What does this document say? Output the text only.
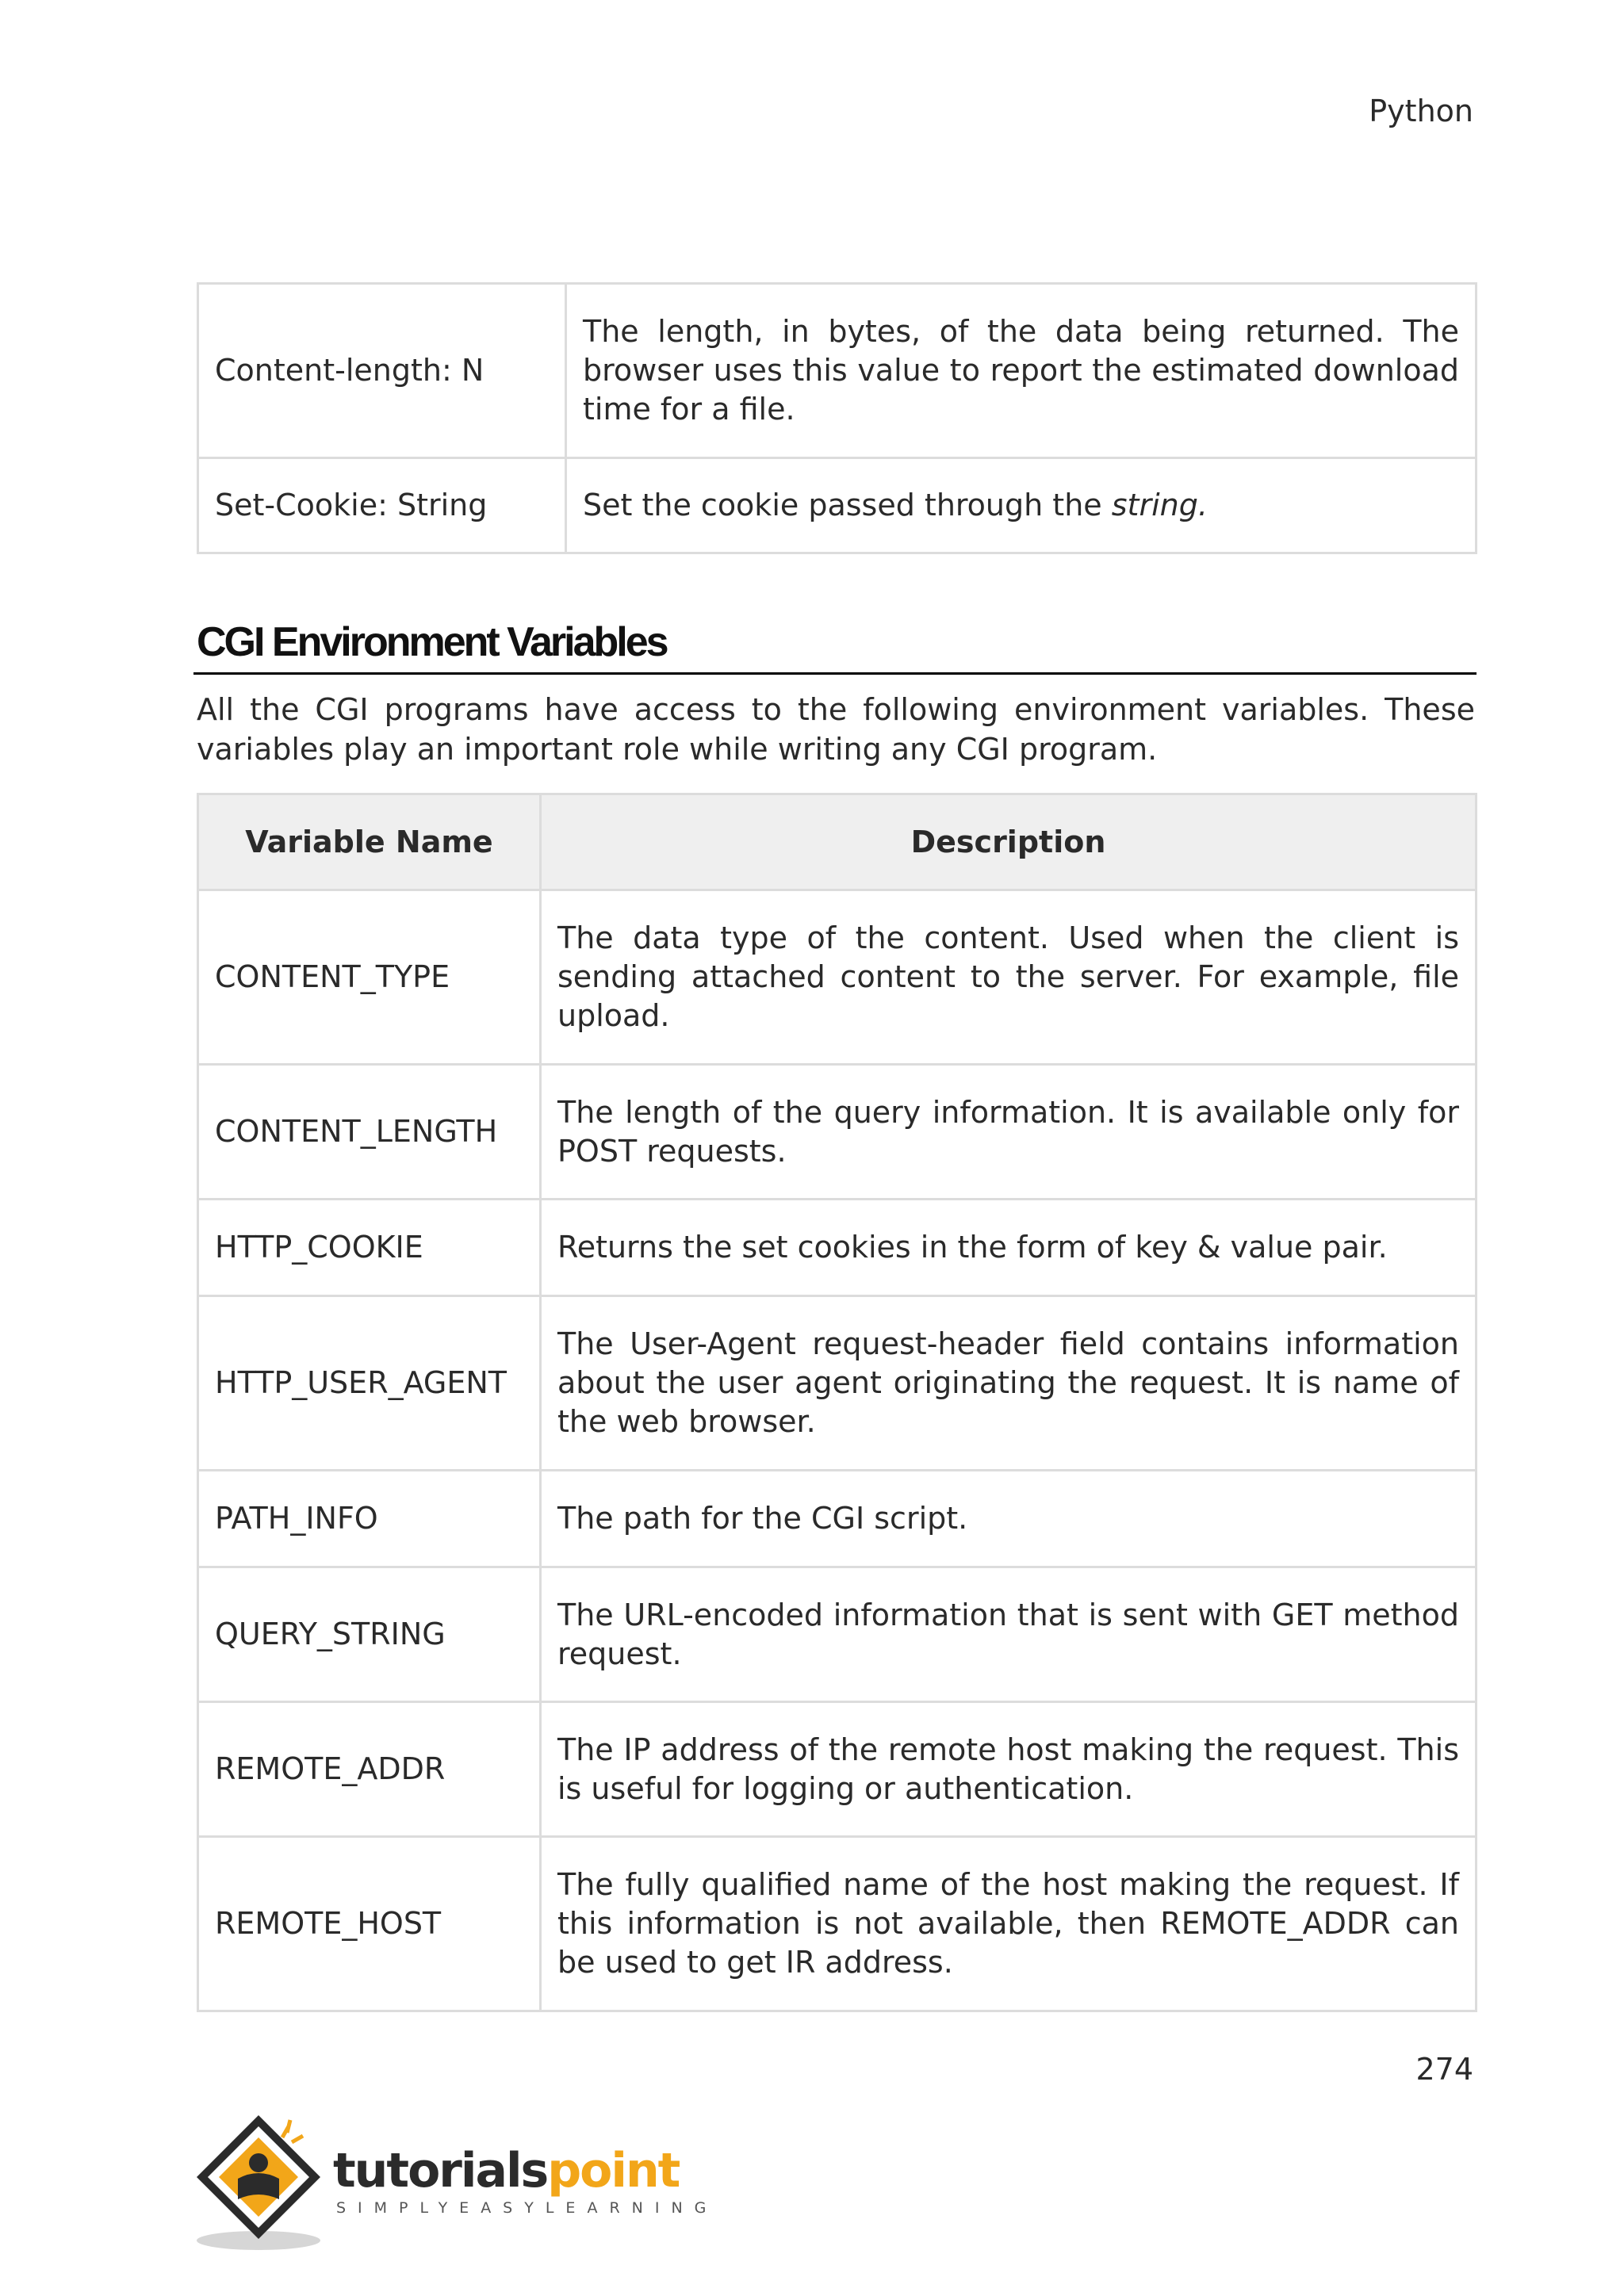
Python
Content-length: N	The length, in bytes, of the data being returned. The browser uses this value to report the estimated download time for a file.
Set-Cookie: String	Set the cookie passed through the string.
CGI Environment Variables
All the CGI programs have access to the following environment variables. These variables play an important role while writing any CGI program.
Variable Name	Description
CONTENT_TYPE	The data type of the content. Used when the client is sending attached content to the server. For example, file upload.
CONTENT_LENGTH	The length of the query information. It is available only for POST requests.
HTTP_COOKIE	Returns the set cookies in the form of key & value pair.
HTTP_USER_AGENT	The User-Agent request-header field contains information about the user agent originating the request. It is name of the web browser.
PATH_INFO	The path for the CGI script.
QUERY_STRING	The URL-encoded information that is sent with GET method request.
REMOTE_ADDR	The IP address of the remote host making the request. This is useful for logging or authentication.
REMOTE_HOST	The fully qualified name of the host making the request. If this information is not available, then REMOTE_ADDR can be used to get IR address.
274
tutorialspoint
SIMPLYEASYLEARNING
